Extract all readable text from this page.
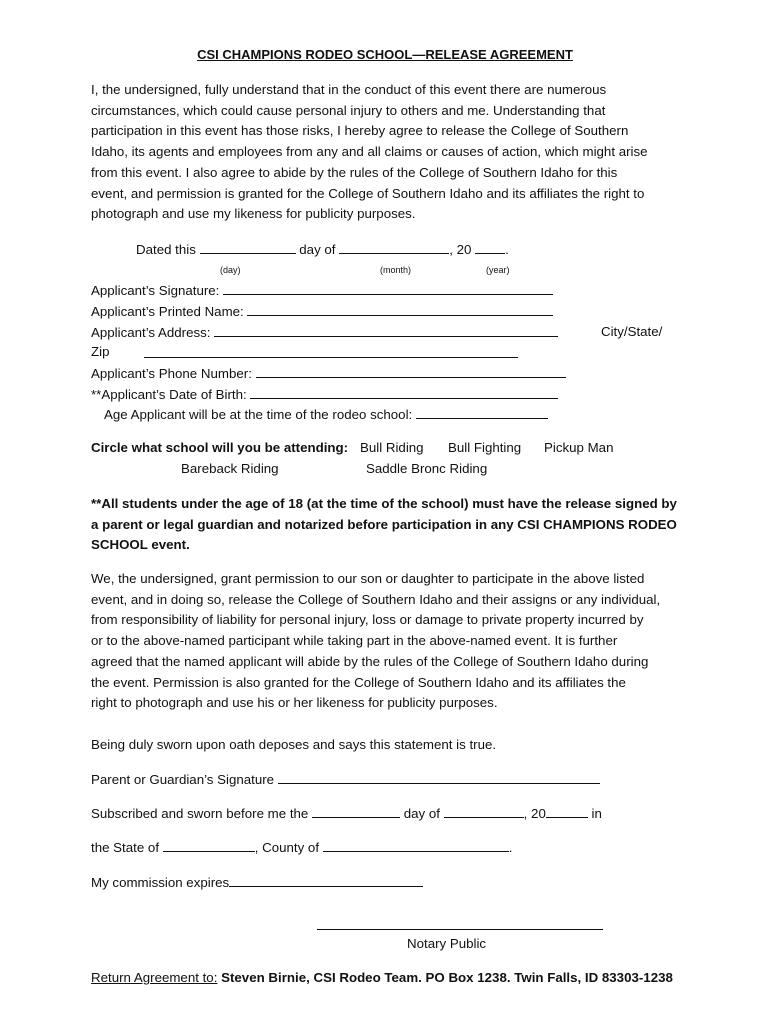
CSI CHAMPIONS RODEO SCHOOL—RELEASE AGREEMENT
I, the undersigned, fully understand that in the conduct of this event there are numerous
circumstances, which could cause personal injury to others and me. Understanding that
participation in this event has those risks, I hereby agree to release the College of Southern
Idaho, its agents and employees from any and all claims or causes of action, which might arise
from this event. I also agree to abide by the rules of the College of Southern Idaho for this
event, and permission is granted for the College of Southern Idaho and its affiliates the right to
photograph and use my likeness for publicity purposes.
Dated this	day of	, 20	.
(day)	(month)	(year)
Applicant’s Signature:
Applicant’s Printed Name:
Applicant’s Address:	City/State/
Zip
Applicant’s Phone Number:
**Applicant’s Date of Birth:
Age Applicant will be at the time of the rodeo school:
Circle what school will you be attending: Bull Riding Bull Fighting Pickup Man
Bareback Riding	Saddle Bronc Riding
**All students under the age of 18 (at the time of the school) must have the release signed by
a parent or legal guardian and notarized before participation in any CSI CHAMPIONS RODEO
SCHOOL event.
We, the undersigned, grant permission to our son or daughter to participate in the above listed
event, and in doing so, release the College of Southern Idaho and their assigns or any individual,
from responsibility of liability for personal injury, loss or damage to private property incurred by
or to the above-named participant while taking part in the above-named event. It is further
agreed that the named applicant will abide by the rules of the College of Southern Idaho during
the event. Permission is also granted for the College of Southern Idaho and its affiliates the
right to photograph and use his or her likeness for publicity purposes.
Being duly sworn upon oath deposes and says this statement is true.
Parent or Guardian’s Signature
Subscribed and sworn before me the	day of	, 20	in
the State of	, County of	.
My commission expires
Notary Public
Return Agreement to: Steven Birnie, CSI Rodeo Team. PO Box 1238. Twin Falls, ID 83303-1238
